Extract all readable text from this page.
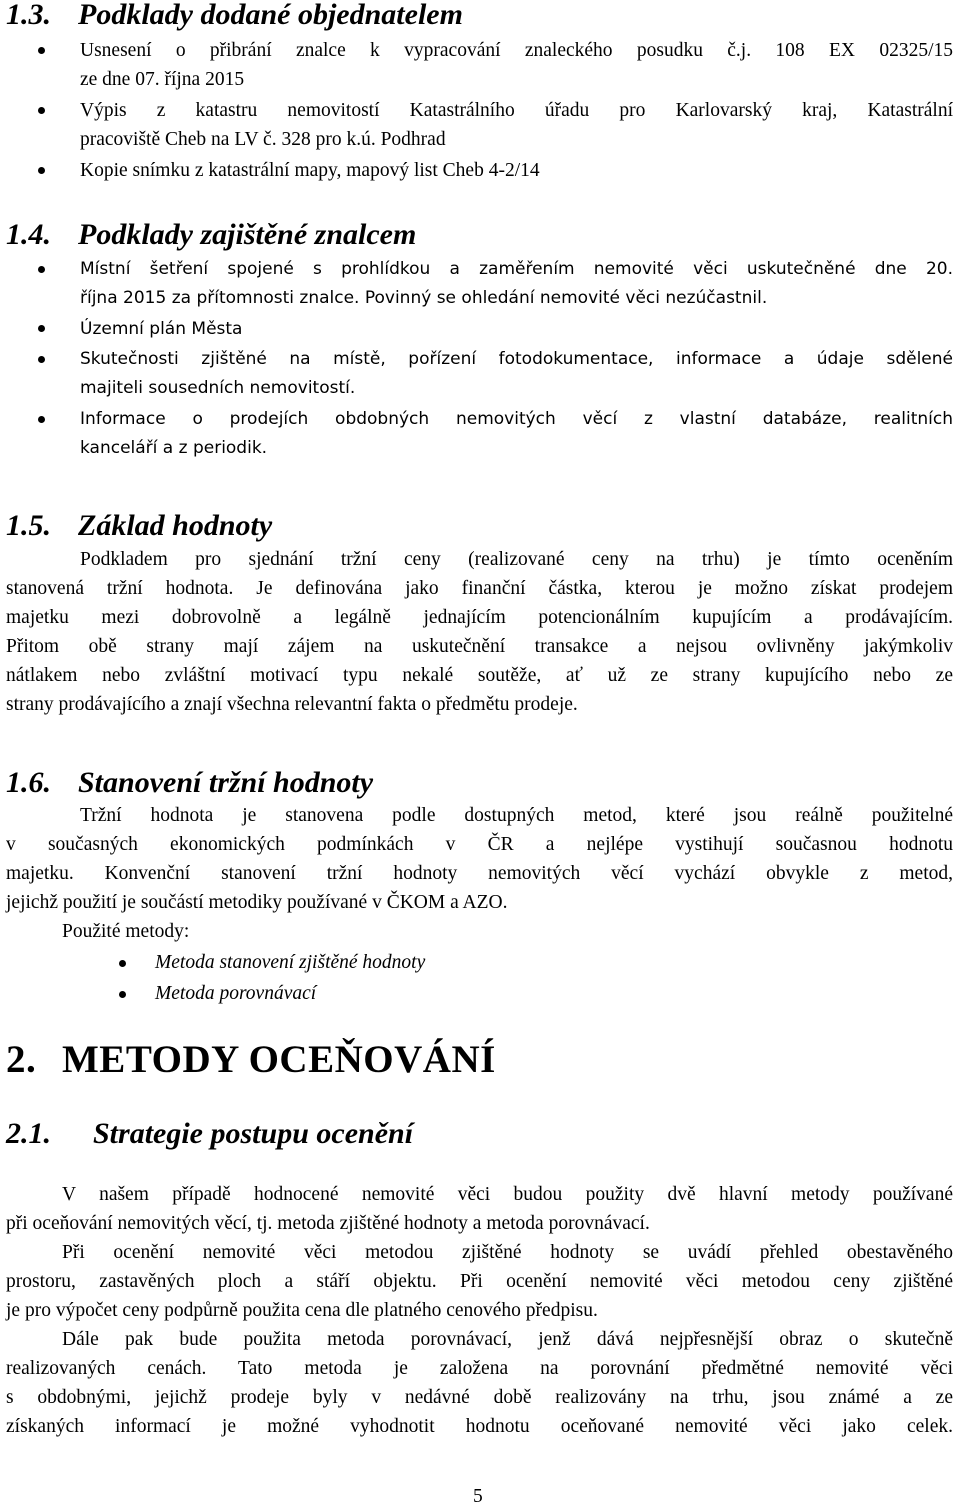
1.3. Podklady dodané objednatelem
Usnesení o přibrání znalce k vypracování znaleckého posudku č.j. 108 EX 02325/15
ze dne 07. října 2015
Výpis z katastru nemovitostí Katastrálního úřadu pro Karlovarský kraj, Katastrální
pracoviště Cheb na LV č. 328 pro k.ú. Podhrad
Kopie snímku z katastrální mapy, mapový list Cheb 4-2/14
1.4. Podklady zajištěné znalcem
Místní šetření spojené s prohlídkou a zaměřením nemovité věci uskutečněné dne 20.
října 2015 za přítomnosti znalce. Povinný se ohledání nemovité věci nezúčastnil.
Územní plán Města
Skutečnosti zjištěné na místě, pořízení fotodokumentace, informace a údaje sdělené
majiteli sousedních nemovitostí.
Informace o prodejích obdobných nemovitých věcí z vlastní databáze, realitních
kanceláří a z periodik.
1.5. Základ hodnoty
Podkladem pro sjednání tržní ceny (realizované ceny na trhu) je tímto oceněním
stanovená tržní hodnota. Je definována jako finanční částka, kterou je možno získat prodejem
majetku mezi dobrovolně a legálně jednajícím potencionálním kupujícím a prodávajícím.
Přitom obě strany mají zájem na uskutečnění transakce a nejsou ovlivněny jakýmkoliv
nátlakem nebo zvláštní motivací typu nekalé soutěže, ať už ze strany kupujícího nebo ze
strany prodávajícího a znají všechna relevantní fakta o předmětu prodeje.
1.6. Stanovení tržní hodnoty
Tržní hodnota je stanovena podle dostupných metod, které jsou reálně použitelné
v současných ekonomických podmínkách v ČR a nejlépe vystihují současnou hodnotu
majetku. Konvenční stanovení tržní hodnoty nemovitých věcí vychází obvykle z metod,
jejichž použití je součástí metodiky používané v ČKOM a AZO.
Použité metody:
Metoda stanovení zjištěné hodnoty
Metoda porovnávací
2. METODY OCEŇOVÁNÍ
2.1. Strategie postupu ocenění
V našem případě hodnocené nemovité věci budou použity dvě hlavní metody používané
při oceňování nemovitých věcí, tj. metoda zjištěné hodnoty a metoda porovnávací.
Při ocenění nemovité věci metodou zjištěné hodnoty se uvádí přehled obestavěného
prostoru, zastavěných ploch a stáří objektu. Při ocenění nemovité věci metodou ceny zjištěné
je pro výpočet ceny podpůrně použita cena dle platného cenového předpisu.
Dále pak bude použita metoda porovnávací, jenž dává nejpřesnější obraz o skutečně
realizovaných cenách. Tato metoda je založena na porovnání předmětné nemovité věci
s obdobnými, jejichž prodeje byly v nedávné době realizovány na trhu, jsou známé a ze
získaných informací je možné vyhodnotit hodnotu oceňované nemovité věci jako celek.
5
